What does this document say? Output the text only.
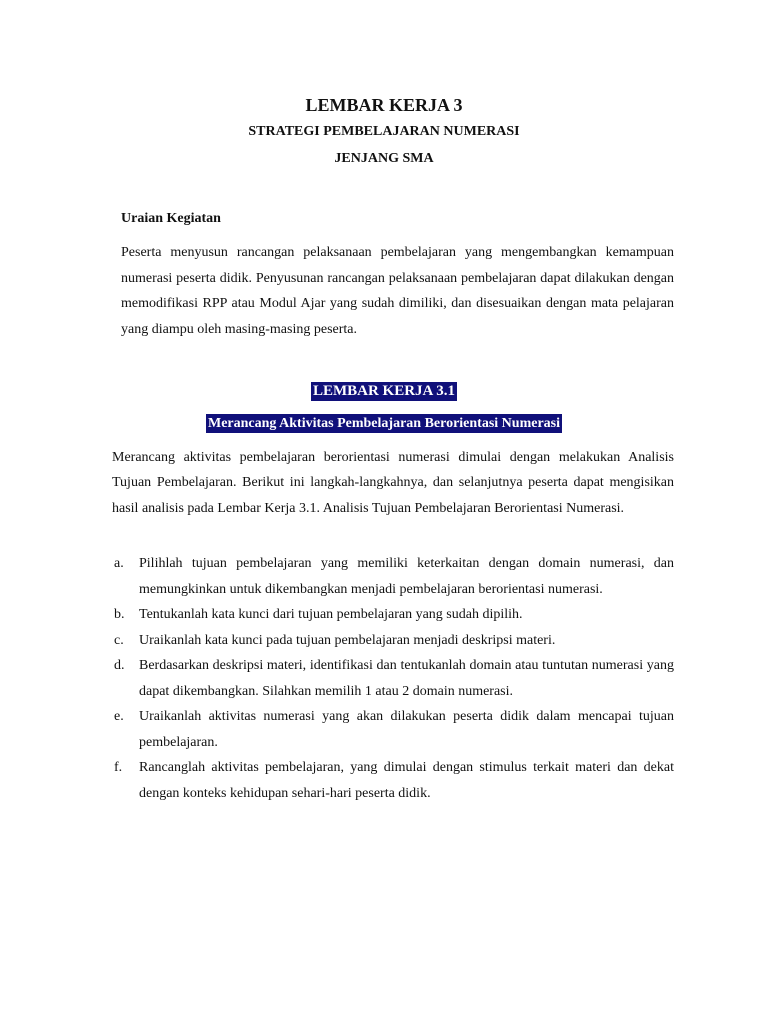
LEMBAR KERJA 3
STRATEGI PEMBELAJARAN NUMERASI
JENJANG SMA
Uraian Kegiatan

Peserta menyusun rancangan pelaksanaan pembelajaran yang mengembangkan kemampuan numerasi peserta didik. Penyusunan rancangan pelaksanaan pembelajaran dapat dilakukan dengan memodifikasi RPP atau Modul Ajar yang sudah dimiliki, dan disesuaikan dengan mata pelajaran yang diampu oleh masing-masing peserta.

LEMBAR KERJA 3.1
Merancang Aktivitas Pembelajaran Berorientasi Numerasi

Merancang aktivitas pembelajaran berorientasi numerasi dimulai dengan melakukan Analisis Tujuan Pembelajaran. Berikut ini langkah-langkahnya, dan selanjutnya peserta dapat mengisikan hasil analisis pada Lembar Kerja 3.1. Analisis Tujuan Pembelajaran Berorientasi Numerasi.

a. Pilihlah tujuan pembelajaran yang memiliki keterkaitan dengan domain numerasi, dan memungkinkan untuk dikembangkan menjadi pembelajaran berorientasi numerasi.
b. Tentukanlah kata kunci dari tujuan pembelajaran yang sudah dipilih.
c. Uraikanlah kata kunci pada tujuan pembelajaran menjadi deskripsi materi.
d. Berdasarkan deskripsi materi, identifikasi dan tentukanlah domain atau tuntutan numerasi yang dapat dikembangkan. Silahkan memilih 1 atau 2 domain numerasi.
e. Uraikanlah aktivitas numerasi yang akan dilakukan peserta didik dalam mencapai tujuan pembelajaran.
f. Rancanglah aktivitas pembelajaran, yang dimulai dengan stimulus terkait materi dan dekat dengan konteks kehidupan sehari-hari peserta didik.
